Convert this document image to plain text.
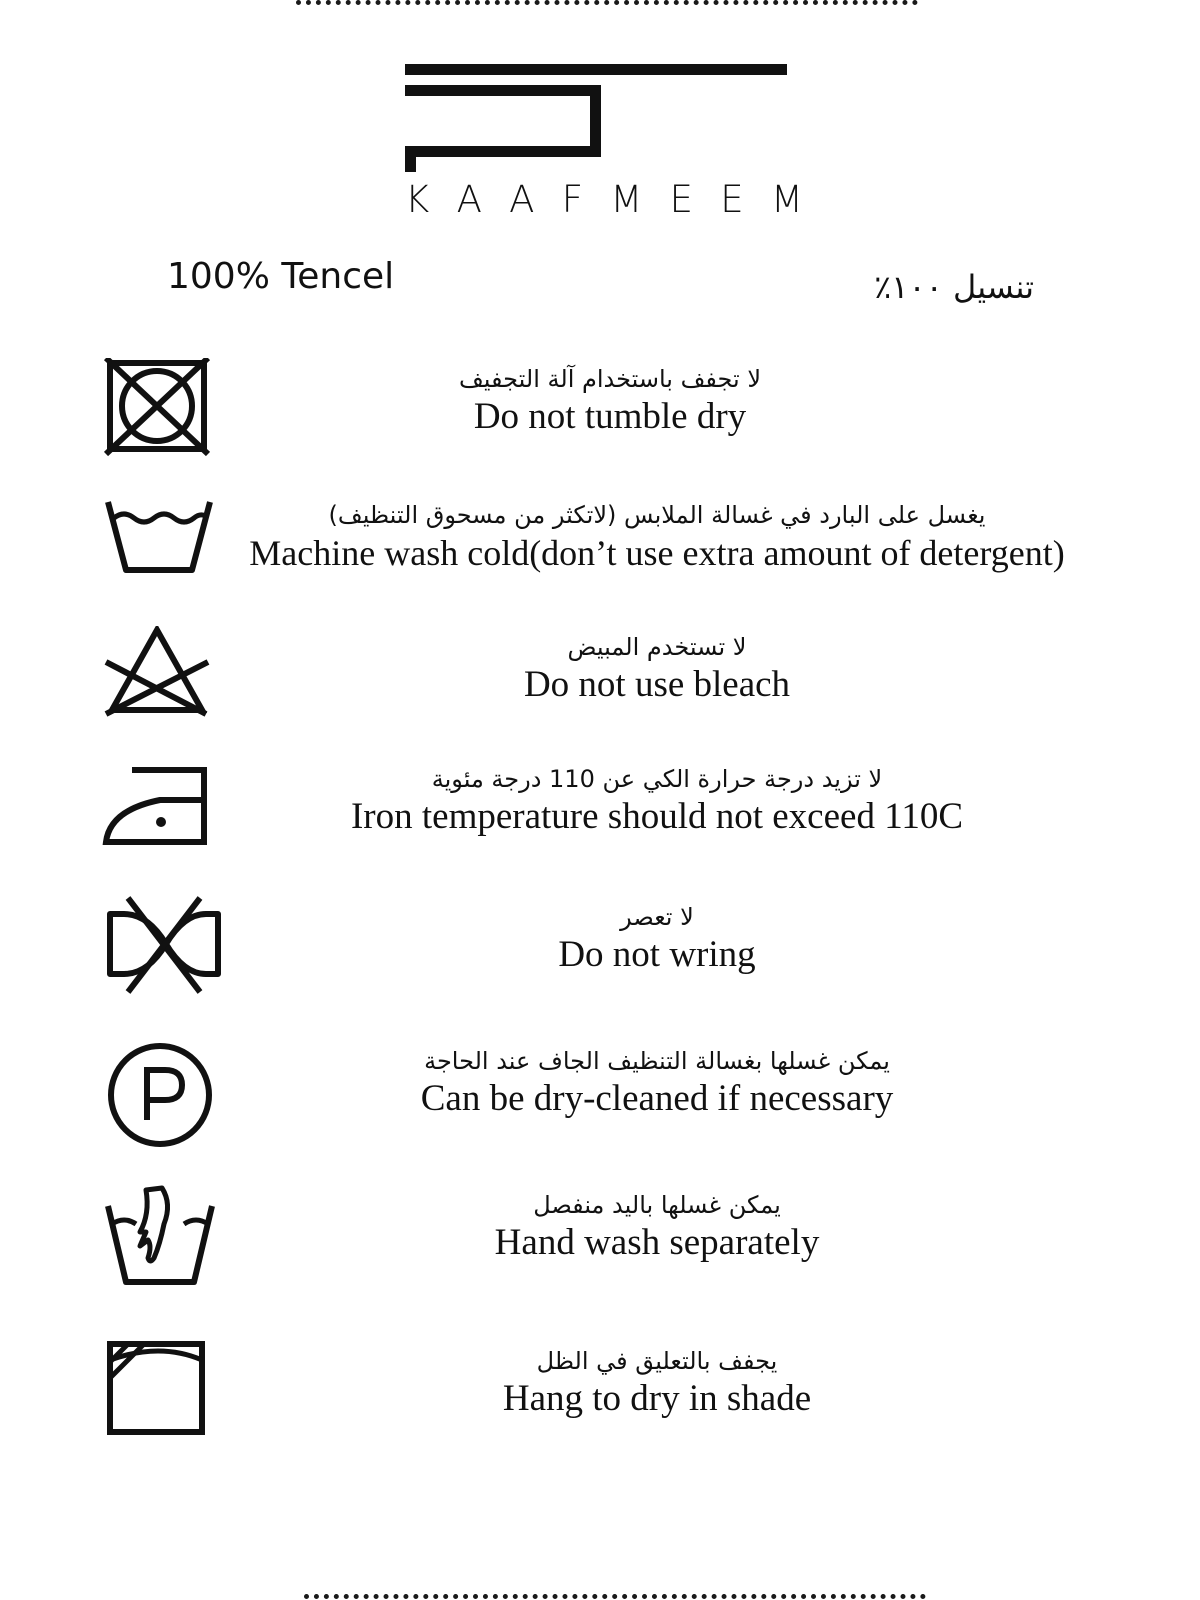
K A A F M E E M
100% Tencel	تنسيل ١٠٠٪
لا تجفف باستخدام آلة التجفيف
Do not tumble dry
يغسل على البارد في غسالة الملابس (لاتكثر من مسحوق التنظيف)
Machine wash cold(don’t use extra amount of detergent)
لا تستخدم المبيض
Do not use bleach
لا تزيد درجة حرارة الكي عن 110 درجة مئوية
Iron temperature should not exceed 110C
لا تعصر
Do not wring
يمكن غسلها بغسالة التنظيف الجاف عند الحاجة
Can be dry-cleaned if necessary
يمكن غسلها باليد منفصل
Hand wash separately
يجفف بالتعليق في الظل
Hang to dry in shade
